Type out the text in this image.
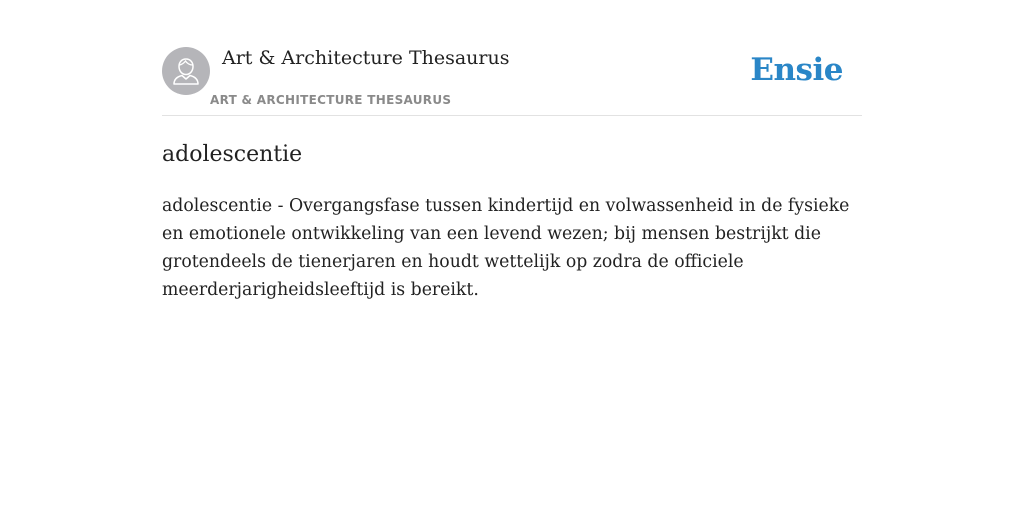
Art & Architecture Thesaurus
ART & ARCHITECTURE THESAURUS
Ensie
adolescentie

adolescentie - Overgangsfase tussen kindertijd en volwassenheid in de fysieke en emotionele ontwikkeling van een levend wezen; bij mensen bestrijkt die grotendeels de tienerjaren en houdt wettelijk op zodra de officiele meerderjarigheidsleeftijd is bereikt.
